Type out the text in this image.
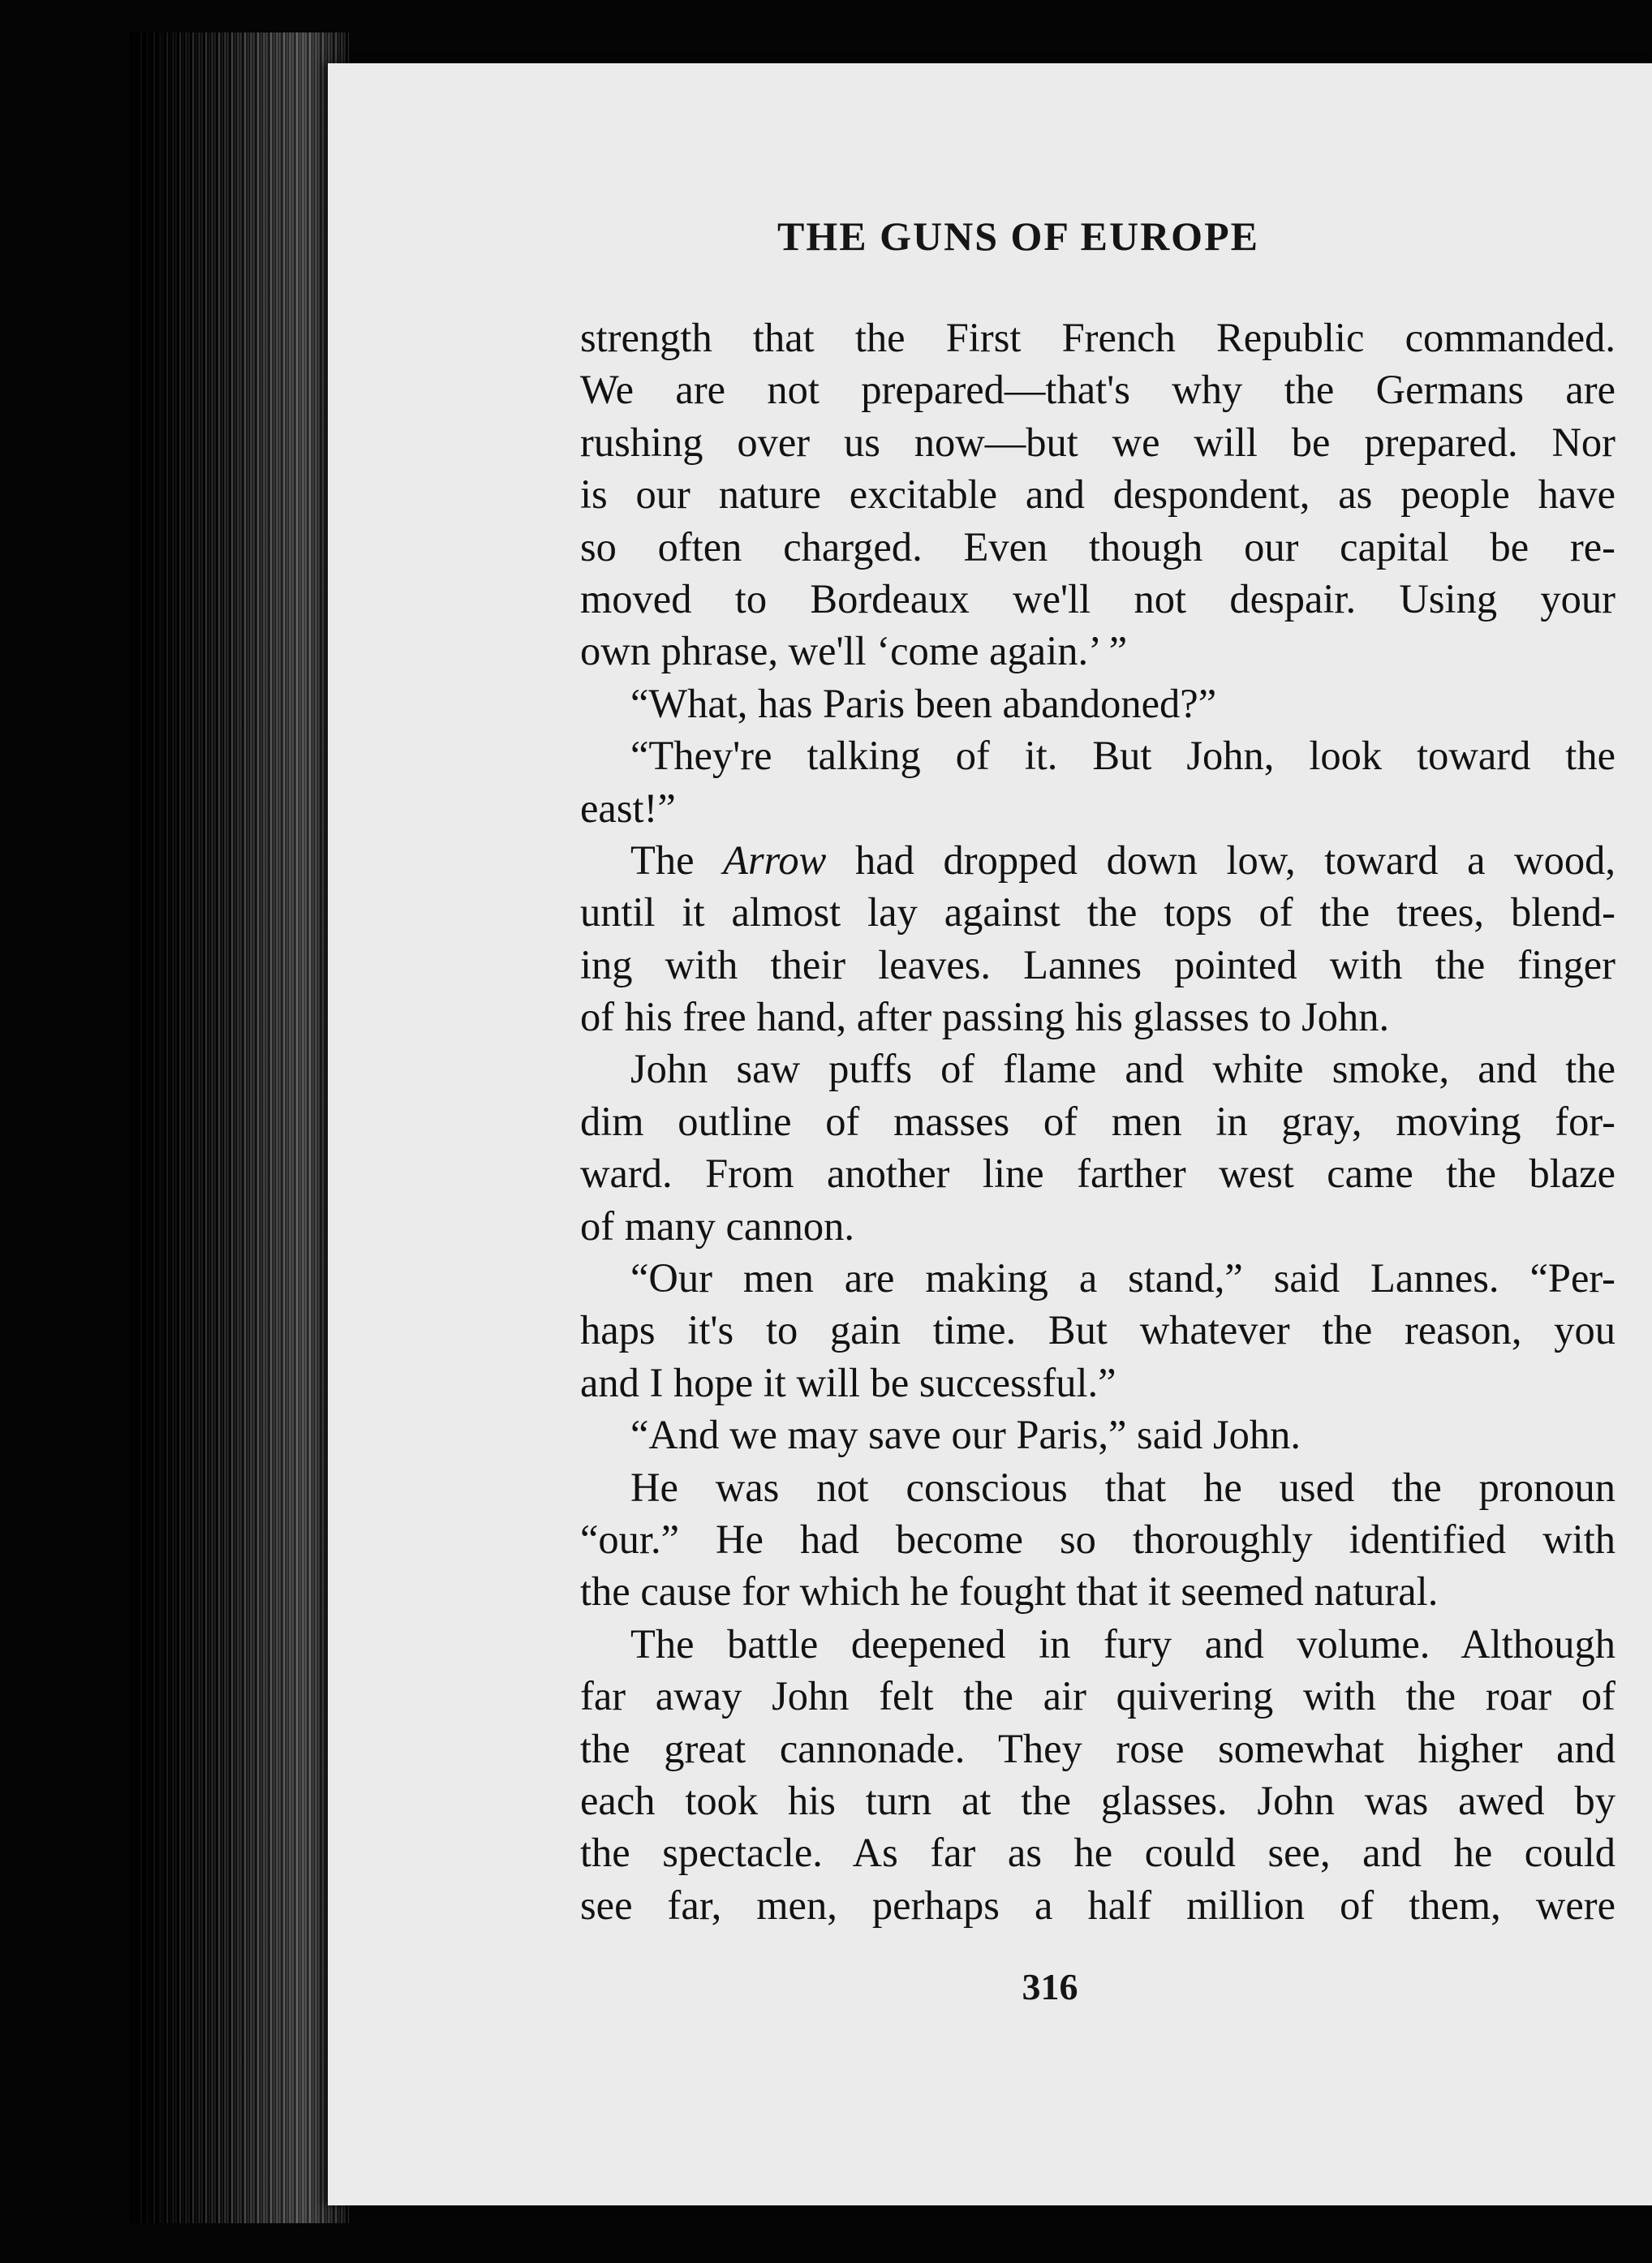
THE GUNS OF EUROPE
strength that the First French Republic commanded.
We are not prepared—that's why the Germans are
rushing over us now—but we will be prepared. Nor
is our nature excitable and despondent, as people have
so often charged. Even though our capital be re-
moved to Bordeaux we'll not despair. Using your
own phrase, we'll ‘come again.’ ”
“What, has Paris been abandoned?”
“They're talking of it. But John, look toward the
east!”
The Arrow had dropped down low, toward a wood,
until it almost lay against the tops of the trees, blend-
ing with their leaves. Lannes pointed with the finger
of his free hand, after passing his glasses to John.
John saw puffs of flame and white smoke, and the
dim outline of masses of men in gray, moving for-
ward. From another line farther west came the blaze
of many cannon.
“Our men are making a stand,” said Lannes. “Per-
haps it's to gain time. But whatever the reason, you
and I hope it will be successful.”
“And we may save our Paris,” said John.
He was not conscious that he used the pronoun
“our.” He had become so thoroughly identified with
the cause for which he fought that it seemed natural.
The battle deepened in fury and volume. Although
far away John felt the air quivering with the roar of
the great cannonade. They rose somewhat higher and
each took his turn at the glasses. John was awed by
the spectacle. As far as he could see, and he could
see far, men, perhaps a half million of them, were
316
